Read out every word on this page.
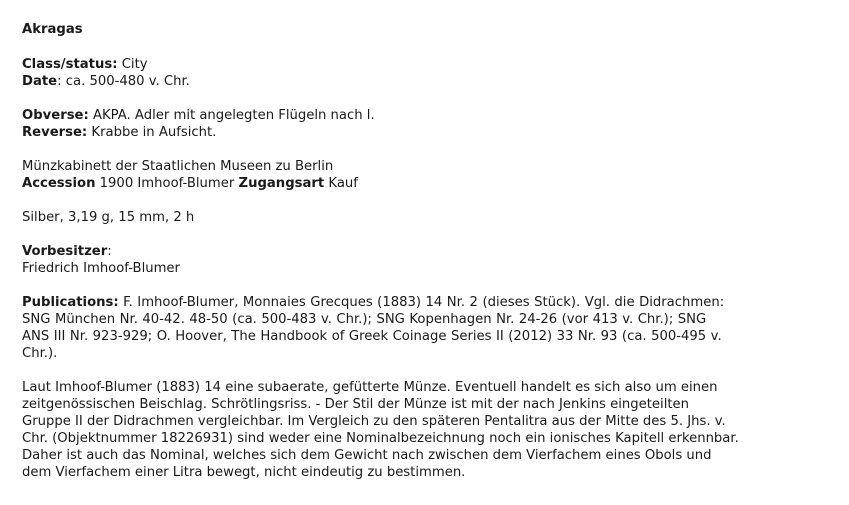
Akragas
Class/status: City
Date: ca. 500-480 v. Chr.
Obverse: AKPA. Adler mit angelegten Flügeln nach l.
Reverse: Krabbe in Aufsicht.
Münzkabinett der Staatlichen Museen zu Berlin
Accession 1900 Imhoof-Blumer Zugangsart Kauf
Silber, 3,19 g, 15 mm, 2 h
Vorbesitzer:
Friedrich Imhoof-Blumer
Publications: F. Imhoof-Blumer, Monnaies Grecques (1883) 14 Nr. 2 (dieses Stück). Vgl. die Didrachmen:
SNG München Nr. 40-42. 48-50 (ca. 500-483 v. Chr.); SNG Kopenhagen Nr. 24-26 (vor 413 v. Chr.); SNG
ANS III Nr. 923-929; O. Hoover, The Handbook of Greek Coinage Series II (2012) 33 Nr. 93 (ca. 500-495 v.
Chr.).
Laut Imhoof-Blumer (1883) 14 eine subaerate, gefütterte Münze. Eventuell handelt es sich also um einen
zeitgenössischen Beischlag. Schrötlingsriss. - Der Stil der Münze ist mit der nach Jenkins eingeteilten
Gruppe II der Didrachmen vergleichbar. Im Vergleich zu den späteren Pentalitra aus der Mitte des 5. Jhs. v.
Chr. (Objektnummer 18226931) sind weder eine Nominalbezeichnung noch ein ionisches Kapitell erkennbar.
Daher ist auch das Nominal, welches sich dem Gewicht nach zwischen dem Vierfachem eines Obols und
dem Vierfachem einer Litra bewegt, nicht eindeutig zu bestimmen.
